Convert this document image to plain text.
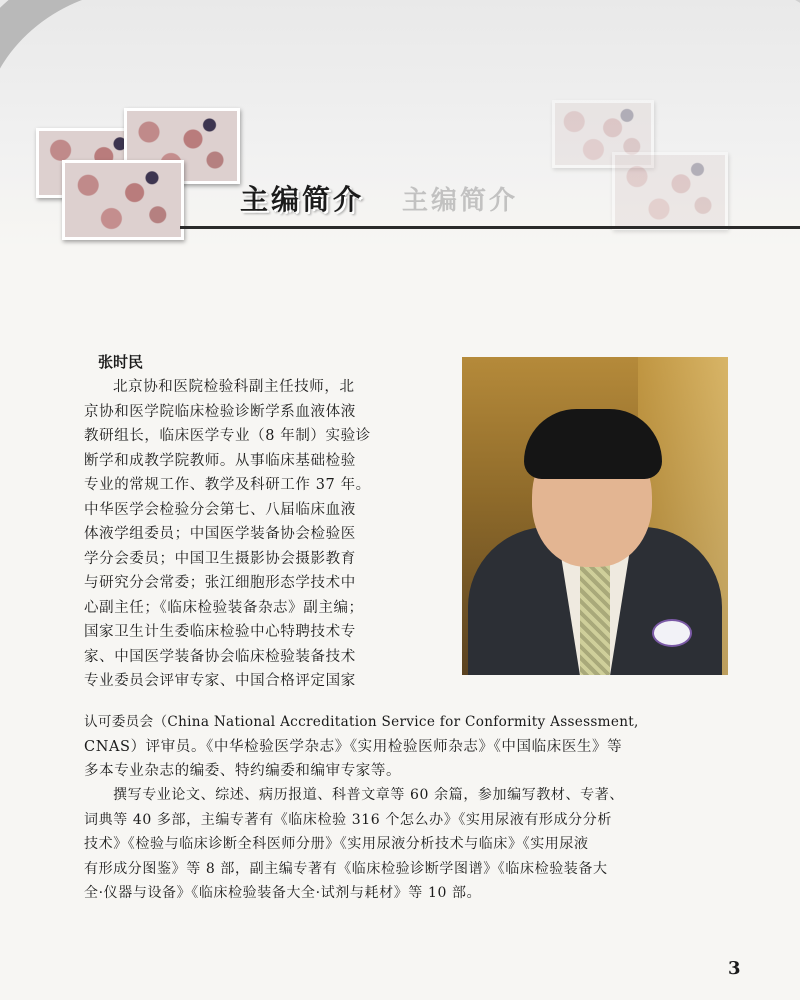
主编简介
主编简介
张时民
北京协和医院检验科副主任技师，北
京协和医学院临床检验诊断学系血液体液
教研组长，临床医学专业（8 年制）实验诊
断学和成教学院教师。从事临床基础检验
专业的常规工作、教学及科研工作 37 年。
中华医学会检验分会第七、八届临床血液
体液学组委员；中国医学装备协会检验医
学分会委员；中国卫生摄影协会摄影教育
与研究分会常委；张江细胞形态学技术中
心副主任；《临床检验装备杂志》副主编；
国家卫生计生委临床检验中心特聘技术专
家、中国医学装备协会临床检验装备技术
专业委员会评审专家、中国合格评定国家
认可委员会（China National Accreditation Service for Conformity Assessment,
CNAS）评审员。《中华检验医学杂志》《实用检验医师杂志》《中国临床医生》等
多本专业杂志的编委、特约编委和编审专家等。
撰写专业论文、综述、病历报道、科普文章等 60 余篇，参加编写教材、专著、
词典等 40 多部，主编专著有《临床检验 316 个怎么办》《实用尿液有形成分分析
技术》《检验与临床诊断全科医师分册》《实用尿液分析技术与临床》《实用尿液
有形成分图鉴》等 8 部，副主编专著有《临床检验诊断学图谱》《临床检验装备大
全·仪器与设备》《临床检验装备大全·试剂与耗材》等 10 部。
3
